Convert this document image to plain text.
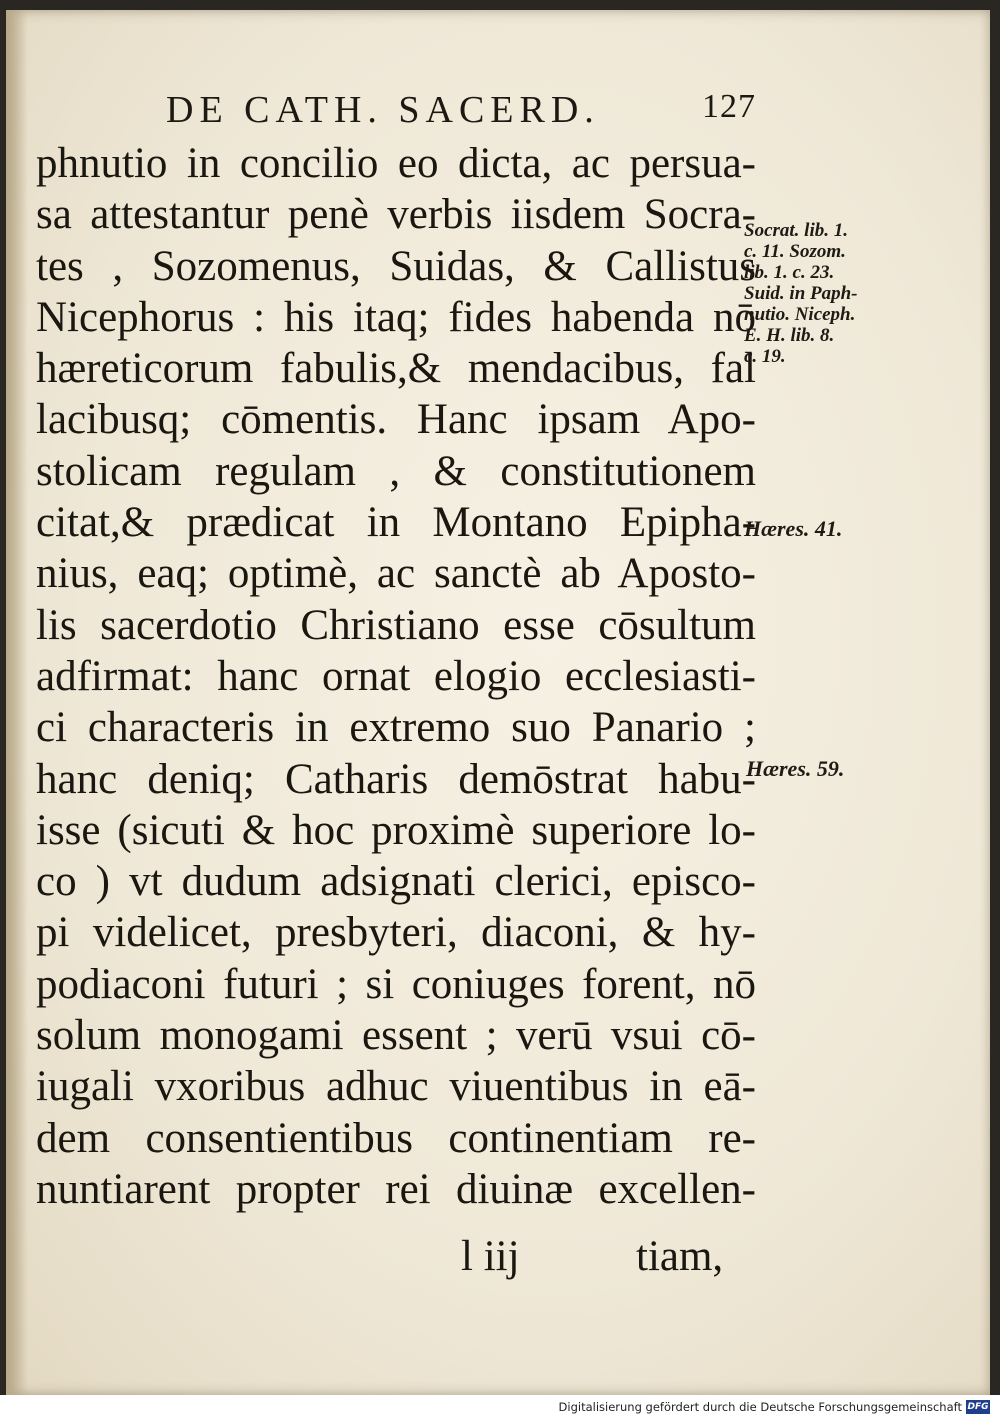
DE CATH. SACERD.	127
phnutio in concilio eo dicta, ac persua-
sa attestantur penè verbis iisdem Socra-
tes , Sozomenus, Suidas, & Callistus
Nicephorus : his itaq; fides habenda nō
hæreticorum fabulis,& mendacibus, fal
lacibusq; cōmentis. Hanc ipsam Apo-
stolicam regulam , & constitutionem
citat,& prædicat in Montano Epipha-
nius, eaq; optimè, ac sanctè ab Aposto-
lis sacerdotio Christiano esse cōsultum
adfirmat: hanc ornat elogio ecclesiasti-
ci characteris in extremo suo Panario ;
hanc deniq; Catharis demōstrat habu-
isse (sicuti & hoc proximè superiore lo-
co ) vt dudum adsignati clerici, episco-
pi videlicet, presbyteri, diaconi, & hy-
podiaconi futuri ; si coniuges forent, nō
solum monogami essent ; verū vsui cō-
iugali vxoribus adhuc viuentibus in eā-
dem consentientibus continentiam re-
nuntiarent propter rei diuinæ excellen-
l iij	tiam,
Socrat. lib. 1.
c. 11. Sozom.
lib. 1. c. 23.
Suid. in Paph-
nutio. Niceph.
E. H. lib. 8.
c. 19.
Hæres. 41.
Hæres. 59.
Digitalisierung gefördert durch die Deutsche Forschungsgemeinschaft DFG
